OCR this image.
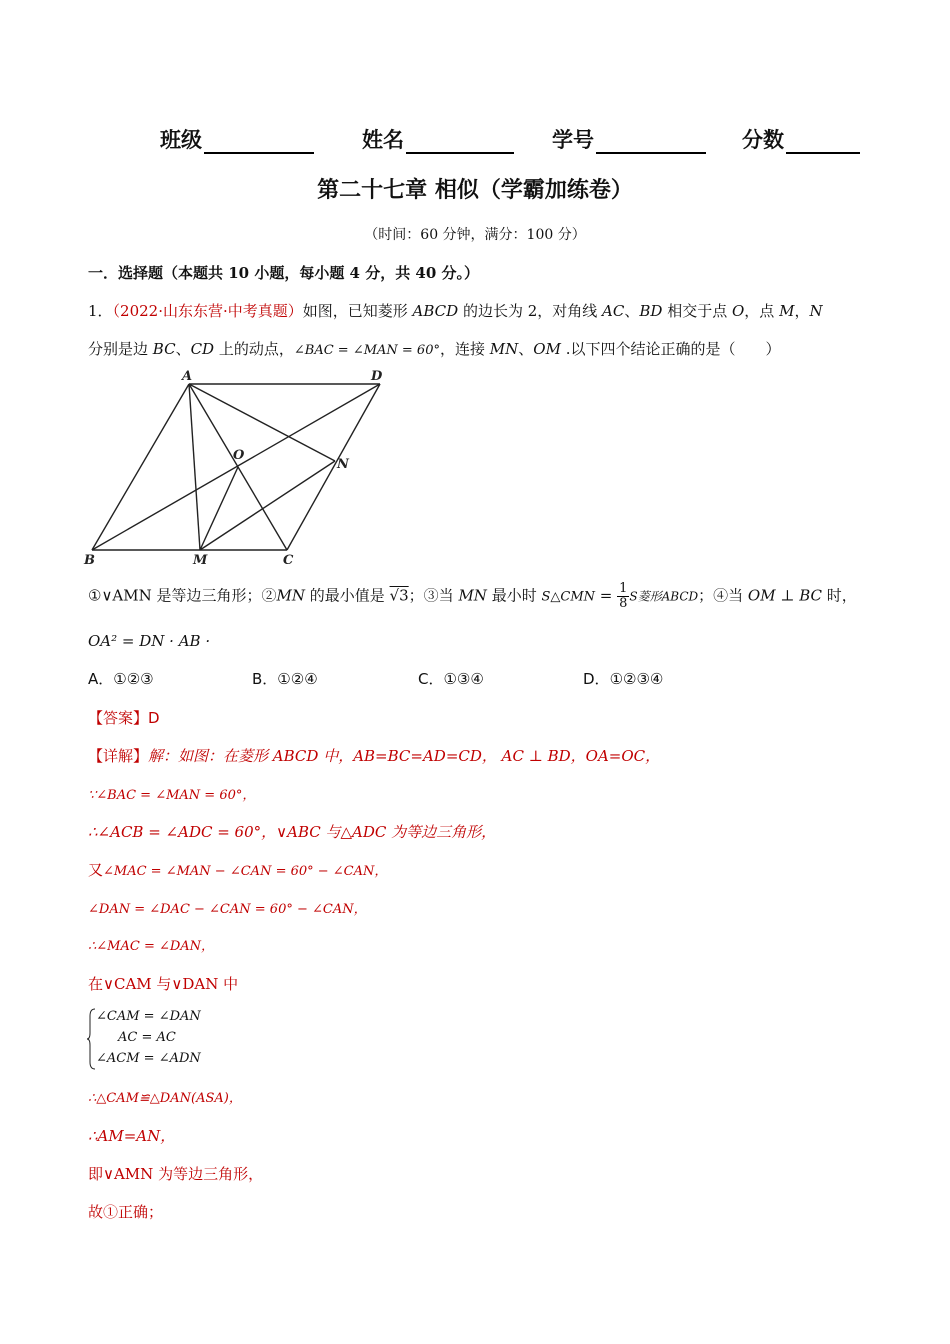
班级	姓名	学号	分数
第二十七章 相似（学霸加练卷）
（时间：60 分钟，满分：100 分）
一．选择题（本题共 10 小题，每小题 4 分，共 40 分。）
1．（2022·山东东营·中考真题）如图，已知菱形 ABCD 的边长为 2，对角线 AC、BD 相交于点 O，点 M，N
分别是边 BC、CD 上的动点，∠BAC = ∠MAN = 60°，连接 MN、OM .以下四个结论正确的是（　　）
A	D
B	M	C
N
O
①∨AMN 是等边三角形；②MN 的最小值是 √3；③当 MN 最小时 S△CMN = $\frac{1}{8}$ S菱形ABCD；④当 OM ⊥ BC 时，
OA² = DN · AB ·
A．①②③	B．①②④	C．①③④	D．①②③④
【答案】D
【详解】解：如图：在菱形 ABCD 中，AB=BC=AD=CD， AC ⊥ BD，OA=OC，
∵∠BAC = ∠MAN = 60°，
∴∠ACB = ∠ADC = 60°，∨ABC 与△ADC 为等边三角形，
又∠MAC = ∠MAN − ∠CAN = 60° − ∠CAN，
∠DAN = ∠DAC − ∠CAN = 60° − ∠CAN，
∴∠MAC = ∠DAN，
在∨CAM 与∨DAN 中
∠CAM = ∠DAN
AC = AC
∠ACM = ∠ADN
∴△CAM≌△DAN(ASA)，
∴AM=AN，
即∨AMN 为等边三角形，
故①正确；
